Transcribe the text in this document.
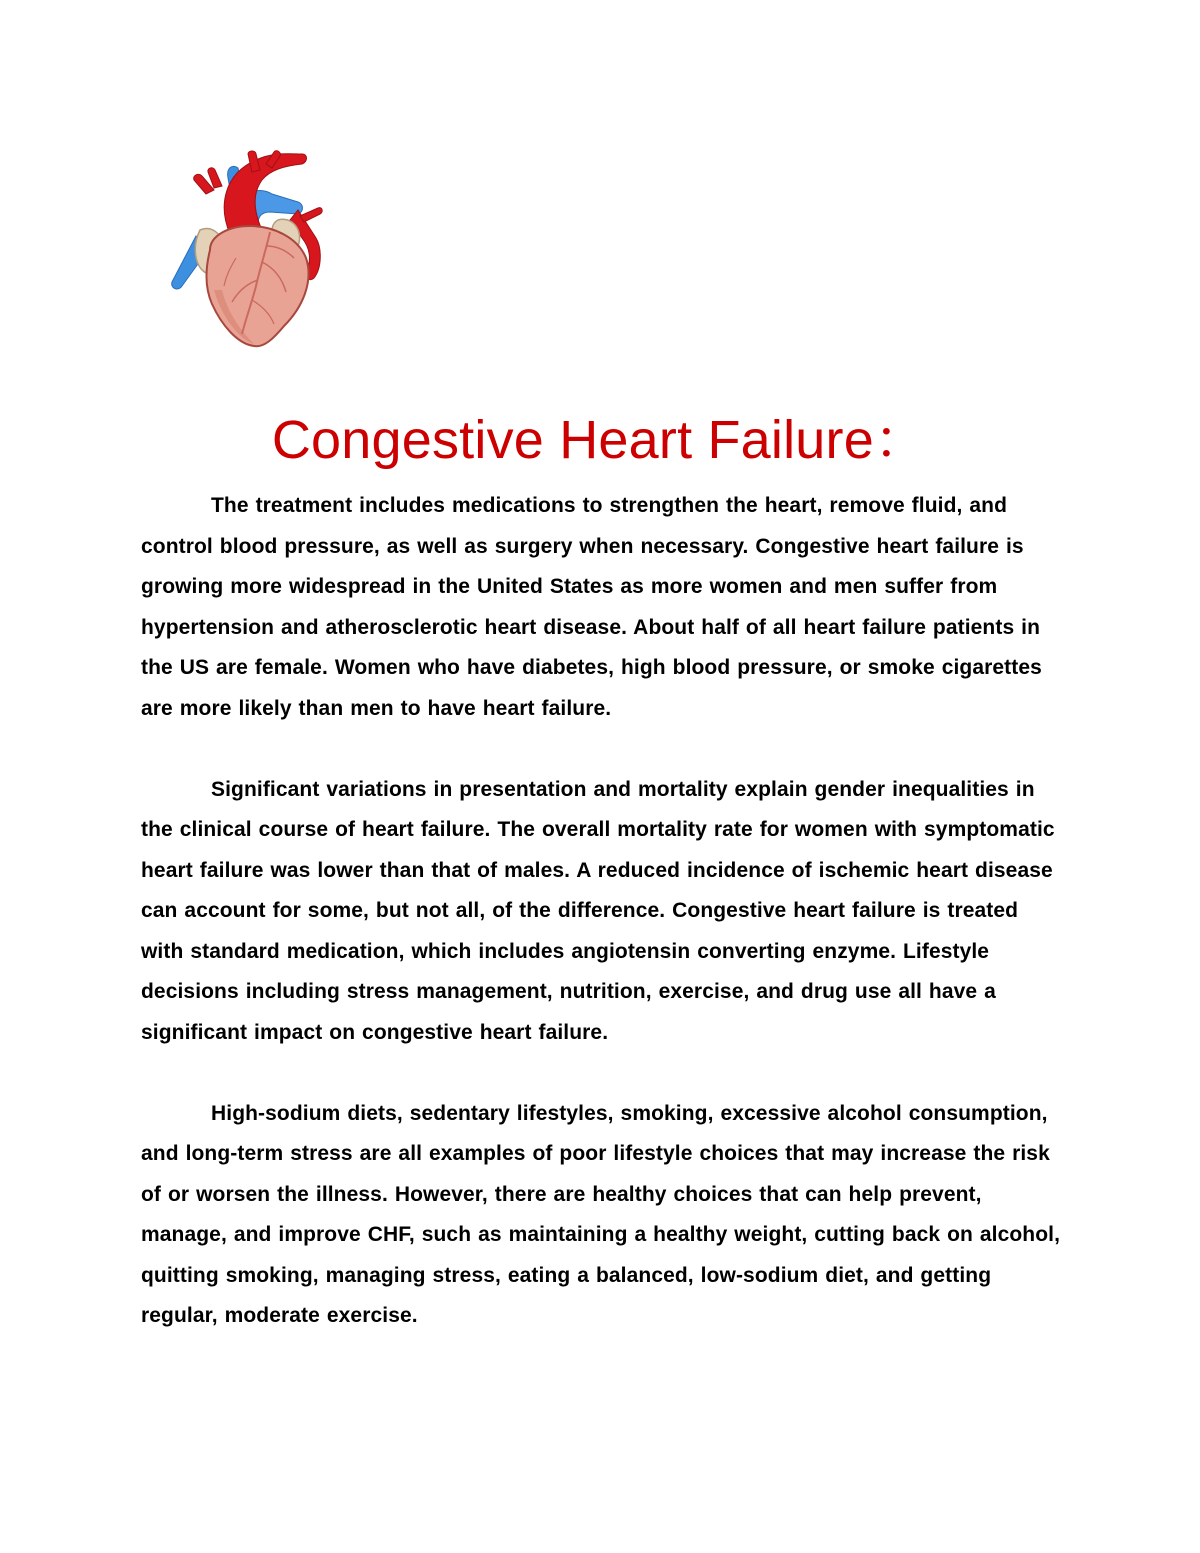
Congestive Heart Failure：

The treatment includes medications to strengthen the heart, remove fluid, and control blood pressure, as well as surgery when necessary. Congestive heart failure is growing more widespread in the United States as more women and men suffer from hypertension and atherosclerotic heart disease. About half of all heart failure patients in the US are female. Women who have diabetes, high blood pressure, or smoke cigarettes are more likely than men to have heart failure.

Significant variations in presentation and mortality explain gender inequalities in the clinical course of heart failure. The overall mortality rate for women with symptomatic heart failure was lower than that of males. A reduced incidence of ischemic heart disease can account for some, but not all, of the difference. Congestive heart failure is treated with standard medication, which includes angiotensin converting enzyme. Lifestyle decisions including stress management, nutrition, exercise, and drug use all have a significant impact on congestive heart failure.

High-sodium diets, sedentary lifestyles, smoking, excessive alcohol consumption, and long-term stress are all examples of poor lifestyle choices that may increase the risk of or worsen the illness. However, there are healthy choices that can help prevent, manage, and improve CHF, such as maintaining a healthy weight, cutting back on alcohol, quitting smoking, managing stress, eating a balanced, low-sodium diet, and getting regular, moderate exercise.
